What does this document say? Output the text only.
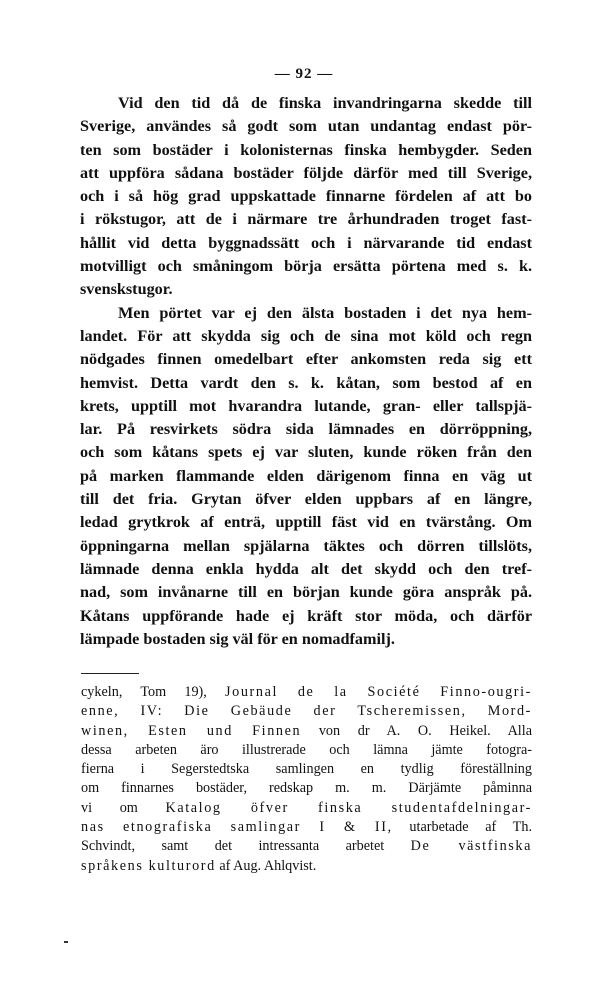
— 92 —
Vid den tid då de finska invandringarna skedde till
Sverige, användes så godt som utan undantag endast pör-
ten som bostäder i kolonisternas finska hembygder. Seden
att uppföra sådana bostäder följde därför med till Sverige,
och i så hög grad uppskattade finnarne fördelen af att bo
i rökstugor, att de i närmare tre århundraden troget fast-
hållit vid detta byggnadssätt och i närvarande tid endast
motvilligt och småningom börja ersätta pörtena med s. k.
svenskstugor.
Men pörtet var ej den älsta bostaden i det nya hem-
landet. För att skydda sig och de sina mot köld och regn
nödgades finnen omedelbart efter ankomsten reda sig ett
hemvist. Detta vardt den s. k. kåtan, som bestod af en
krets, upptill mot hvarandra lutande, gran- eller tallspjä-
lar. På resvirkets södra sida lämnades en dörröppning,
och som kåtans spets ej var sluten, kunde röken från den
på marken flammande elden därigenom finna en väg ut
till det fria. Grytan öfver elden uppbars af en längre,
ledad grytkrok af enträ, upptill fäst vid en tvärstång. Om
öppningarna mellan spjälarna täktes och dörren tillslöts,
lämnade denna enkla hydda alt det skydd och den tref-
nad, som invånarne till en början kunde göra anspråk på.
Kåtans uppförande hade ej kräft stor möda, och därför
lämpade bostaden sig väl för en nomadfamilj.
cykeln, Tom 19), Journal de la Société Finno-ougri-
enne, IV: Die Gebäude der Tscheremissen, Mord-
winen, Esten und Finnen von dr A. O. Heikel. Alla
dessa arbeten äro illustrerade och lämna jämte fotogra-
fierna i Segerstedtska samlingen en tydlig föreställning
om finnarnes bostäder, redskap m. m. Därjämte påminna
vi om Katalog öfver finska studentafdelningar-
nas etnografiska samlingar I & II, utarbetade af Th.
Schvindt, samt det intressanta arbetet De västfinska
språkens kulturord af Aug. Ahlqvist.
